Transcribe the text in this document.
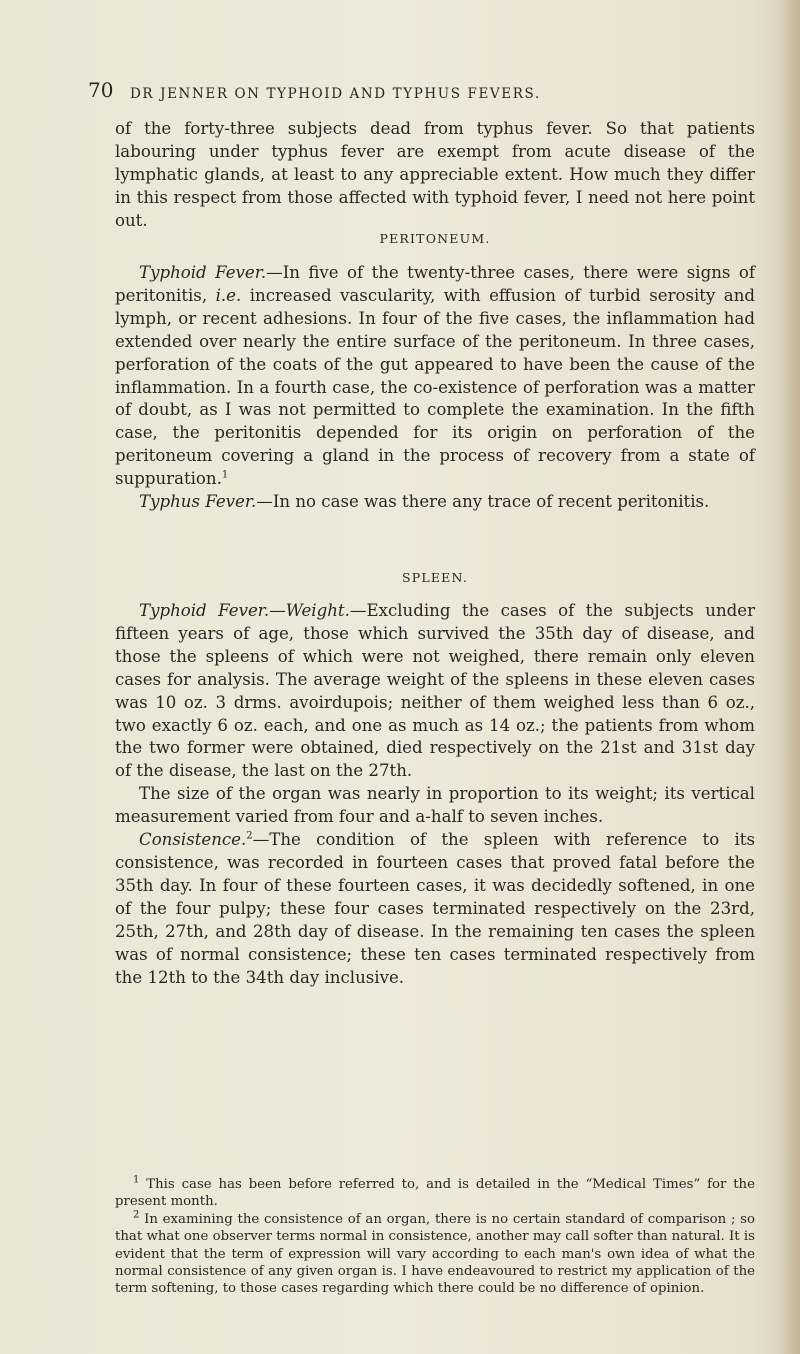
70 DR JENNER ON TYPHOID AND TYPHUS FEVERS.

of the forty-three subjects dead from typhus fever. So that patients labouring under typhus fever are exempt from acute disease of the lymphatic glands, at least to any appreciable extent. How much they differ in this respect from those affected with typhoid fever, I need not here point out.

PERITONEUM.

Typhoid Fever.—In five of the twenty-three cases, there were signs of peritonitis, i.e. increased vascularity, with effusion of turbid serosity and lymph, or recent adhesions. In four of the five cases, the inflammation had extended over nearly the entire surface of the peritoneum. In three cases, perforation of the coats of the gut appeared to have been the cause of the inflammation. In a fourth case, the co-existence of perforation was a matter of doubt, as I was not permitted to complete the examination. In the fifth case, the peritonitis depended for its origin on perforation of the peritoneum covering a gland in the process of recovery from a state of suppuration.$^1$

Typhus Fever.—In no case was there any trace of recent peritonitis.

SPLEEN.

Typhoid Fever.—Weight.—Excluding the cases of the subjects under fifteen years of age, those which survived the 35th day of disease, and those the spleens of which were not weighed, there remain only eleven cases for analysis. The average weight of the spleens in these eleven cases was 10 oz. 3 drms. avoirdupois; neither of them weighed less than 6 oz., two exactly 6 oz. each, and one as much as 14 oz.; the patients from whom the two former were obtained, died respectively on the 21st and 31st day of the disease, the last on the 27th.

The size of the organ was nearly in proportion to its weight; its vertical measurement varied from four and a-half to seven inches.

Consistence.$^2$—The condition of the spleen with reference to its consistence, was recorded in fourteen cases that proved fatal before the 35th day. In four of these fourteen cases, it was decidedly softened, in one of the four pulpy; these four cases terminated respectively on the 23rd, 25th, 27th, and 28th day of disease. In the remaining ten cases the spleen was of normal consistence; these ten cases terminated respectively from the 12th to the 34th day inclusive.

$^1$ This case has been before referred to, and is detailed in the “Medical Times” for the present month.

$^2$ In examining the consistence of an organ, there is no certain standard of comparison ; so that what one observer terms normal in consistence, another may call softer than natural. It is evident that the term of expression will vary according to each man's own idea of what the normal consistence of any given organ is. I have endeavoured to restrict my application of the term softening, to those cases regarding which there could be no difference of opinion.
